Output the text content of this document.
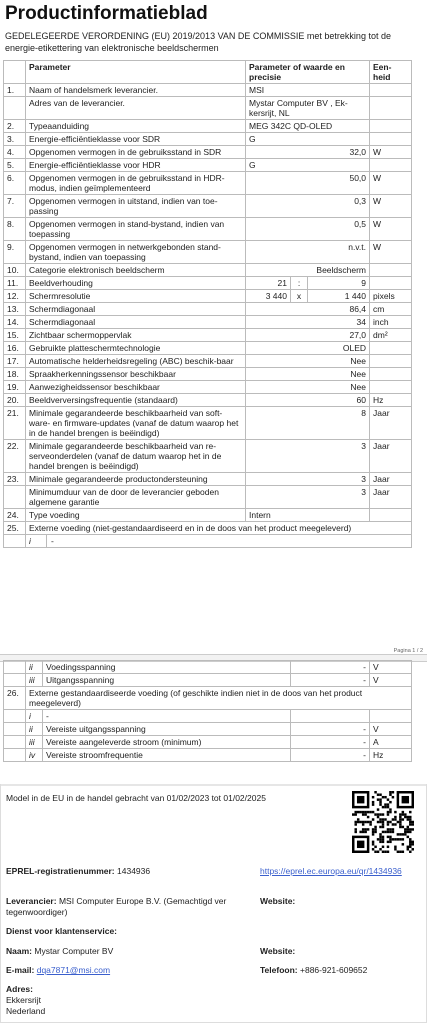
Productinformatieblad
GEDELEGEERDE VERORDENING (EU) 2019/2013 VAN DE COMMISSIE met betrekking tot de energie-etikettering van elektronische beeldschermen
	Parameter	Parameter of waarde en precisie			Een-heid
1.	Naam of handelsmerk leverancier.	MSI			
	Adres van de leverancier.	Mystar Computer BV , Ek-kersrijt, NL			
2.	Typeaanduiding	MEG 342C QD-OLED			
3.	Energie-efficiëntieklasse voor SDR	G			
4.	Opgenomen vermogen in de gebruiksstand in SDR	32,0			W
5.	Energie-efficiëntieklasse voor HDR	G			
6.	Opgenomen vermogen in de gebruiksstand in HDR-modus, indien geïmplementeerd	50,0			W
7.	Opgenomen vermogen in uitstand, indien van toe-passing	0,3			W
8.	Opgenomen vermogen in stand-bystand, indien van toepassing	0,5			W
9.	Opgenomen vermogen in netwerkgebonden stand-bystand, indien van toepassing	n.v.t.			W
10.	Categorie elektronisch beeldscherm	Beeldscherm			
11.	Beeldverhouding	21	:	9	
12.	Schermresolutie	3 440	x	1 440	pixels
13.	Schermdiagonaal	86,4			cm
14.	Schermdiagonaal	34			inch
15.	Zichtbaar schermoppervlak	27,0			dm²
16.	Gebruikte platteschermtechnologie	OLED			
17.	Automatische helderheidsregeling (ABC) beschik-baar	Nee			
18.	Spraakherkenningssensor beschikbaar	Nee			
19.	Aanwezigheidssensor beschikbaar	Nee			
20.	Beeldverversingsfrequentie (standaard)	60			Hz
21.	Minimale gegarandeerde beschikbaarheid van soft-ware- en firmware-updates (vanaf de datum waarop het in de handel brengen is beëindigd)	8			Jaar
22.	Minimale gegarandeerde beschikbaarheid van re-serveonderdelen (vanaf de datum waarop het in de handel brengen is beëindigd)	3			Jaar
23.	Minimale gegarandeerde productondersteuning	3			Jaar
	Minimumduur van de door de leverancier geboden algemene garantie	3			Jaar
24.	Type voeding	Intern			
25.	Externe voeding (niet-gestandaardiseerd en in de doos van het product meegeleverd)				
	i -				
Pagina 1 / 2
	ii	Voedingsspanning	-	V
	iii	Uitgangsspanning	-	V
26.	Externe gestandaardiseerde voeding (of geschikte indien niet in de doos van het product meegeleverd)			
	i	-		
	ii	Vereiste uitgangsspanning	-	V
	iii	Vereiste aangeleverde stroom (minimum)	-	A
	iv	Vereiste stroomfrequentie	-	Hz
Model in de EU in de handel gebracht van 01/02/2023 tot 01/02/2025
EPREL-registratienummer: 1434936	https://eprel.ec.europa.eu/qr/1434936
Leverancier: MSI Computer Europe B.V. (Gemachtigd ver tegenwoordiger)
Website:
Dienst voor klantenservice:
Naam: Mystar Computer BV	Website:
E-mail: dqa7871@msi.com	Telefoon: +886-921-609652
Adres:
Ekkersrijt
Nederland
